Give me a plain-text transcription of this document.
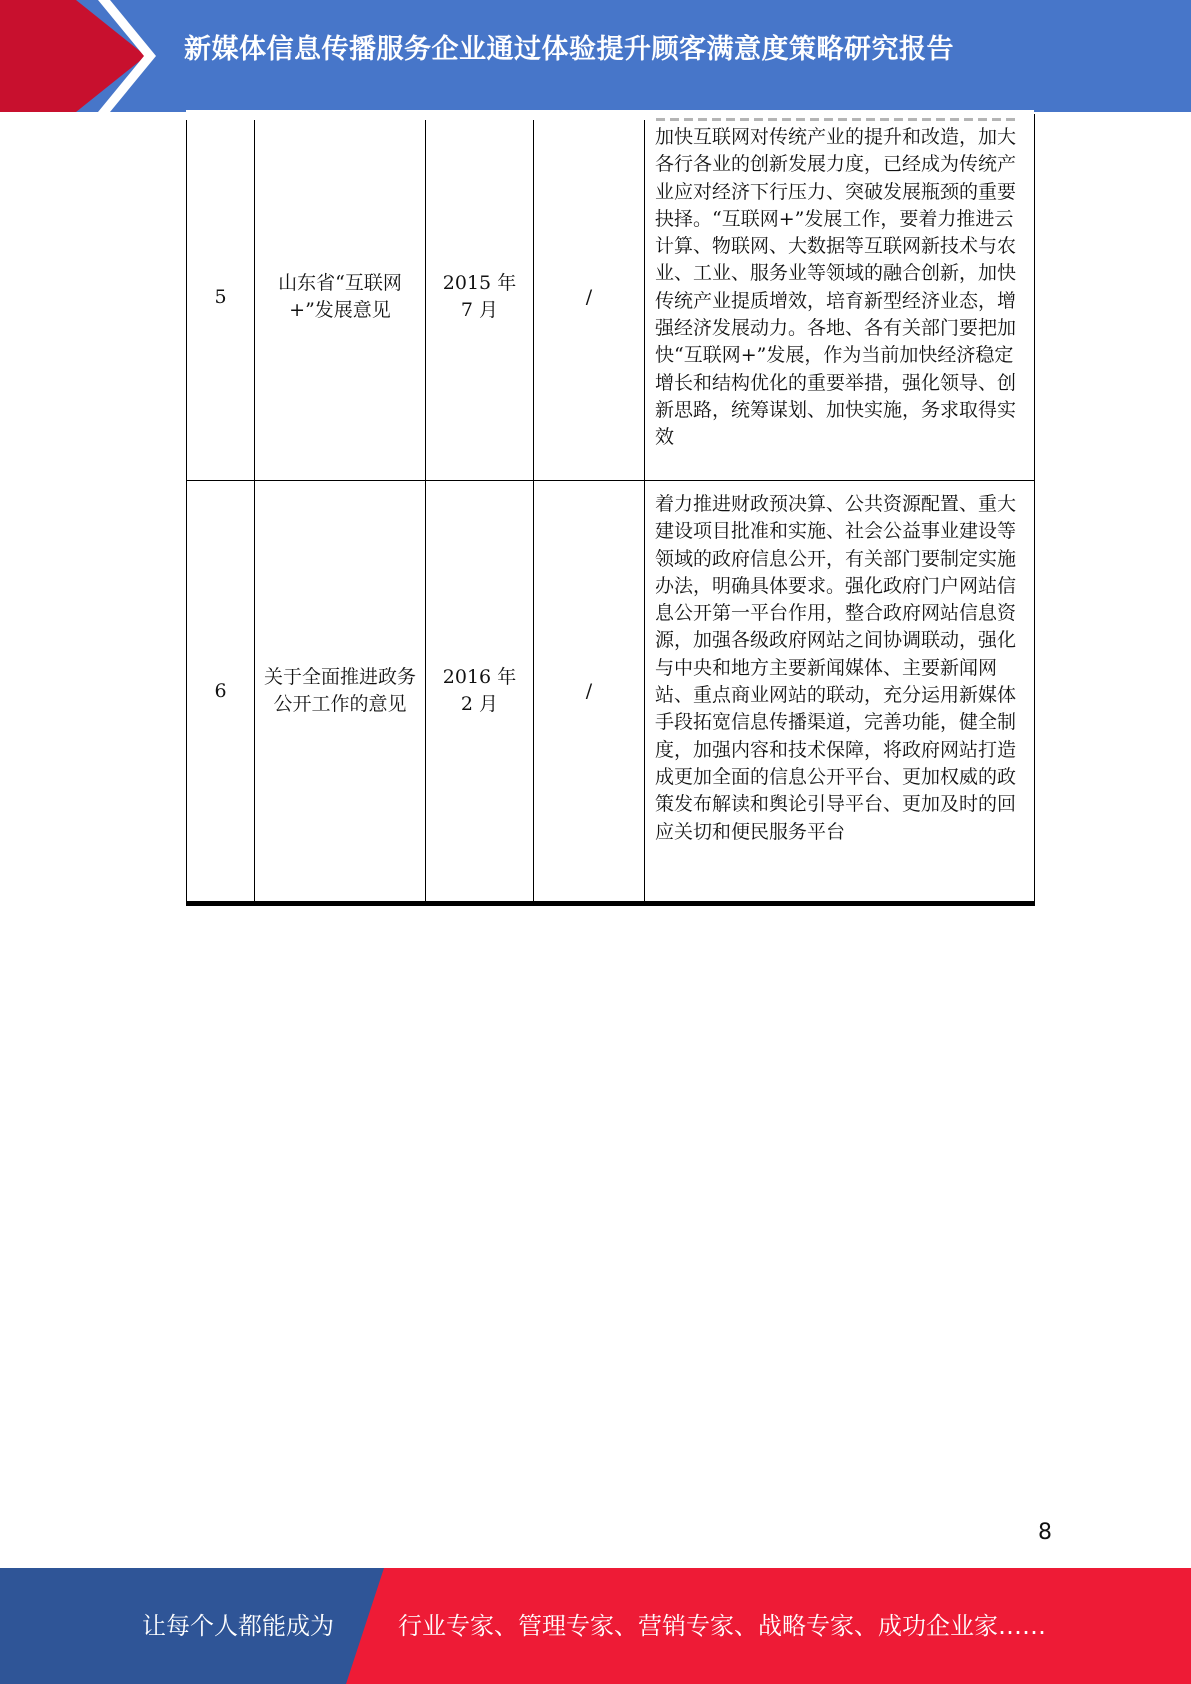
新媒体信息传播服务企业通过体验提升顾客满意度策略研究报告
5	山东省“互联网+”发展意见	2015 年 7 月	/	加快互联网对传统产业的提升和改造，加大各行各业的创新发展力度，已经成为传统产业应对经济下行压力、突破发展瓶颈的重要抉择。“互联网+”发展工作，要着力推进云计算、物联网、大数据等互联网新技术与农业、工业、服务业等领域的融合创新，加快传统产业提质增效，培育新型经济业态，增强经济发展动力。各地、各有关部门要把加快“互联网+”发展，作为当前加快经济稳定增长和结构优化的重要举措，强化领导、创新思路，统筹谋划、加快实施，务求取得实效
6	关于全面推进政务公开工作的意见	2016 年 2 月	/	着力推进财政预决算、公共资源配置、重大建设项目批准和实施、社会公益事业建设等领域的政府信息公开，有关部门要制定实施办法，明确具体要求。强化政府门户网站信息公开第一平台作用，整合政府网站信息资源，加强各级政府网站之间协调联动，强化与中央和地方主要新闻媒体、主要新闻网站、重点商业网站的联动，充分运用新媒体手段拓宽信息传播渠道，完善功能，健全制度，加强内容和技术保障，将政府网站打造成更加全面的信息公开平台、更加权威的政策发布解读和舆论引导平台、更加及时的回应关切和便民服务平台
8
让每个人都能成为	行业专家、管理专家、营销专家、战略专家、成功企业家……
